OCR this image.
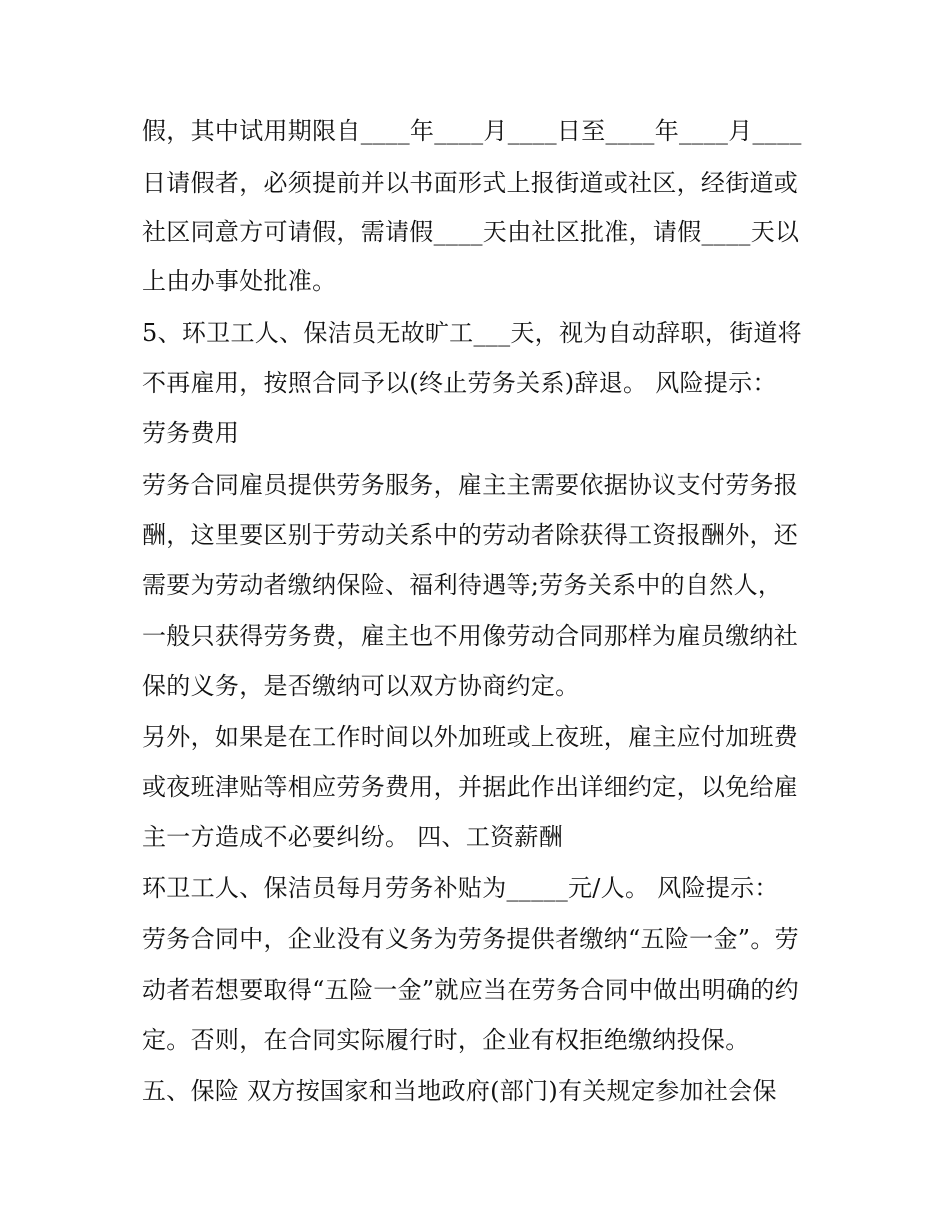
假，其中试用期限自____年____月____日至____年____月____
日请假者，必须提前并以书面形式上报街道或社区，经街道或
社区同意方可请假，需请假____天由社区批准，请假____天以
上由办事处批准。
5、环卫工人、保洁员无故旷工___天，视为自动辞职，街道将
不再雇用，按照合同予以(终止劳务关系)辞退。 风险提示：
劳务费用
劳务合同雇员提供劳务服务，雇主主需要依据协议支付劳务报
酬，这里要区别于劳动关系中的劳动者除获得工资报酬外，还
需要为劳动者缴纳保险、福利待遇等;劳务关系中的自然人，
一般只获得劳务费，雇主也不用像劳动合同那样为雇员缴纳社
保的义务，是否缴纳可以双方协商约定。
另外，如果是在工作时间以外加班或上夜班，雇主应付加班费
或夜班津贴等相应劳务费用，并据此作出详细约定，以免给雇
主一方造成不必要纠纷。 四、工资薪酬
环卫工人、保洁员每月劳务补贴为_____元/人。 风险提示：
劳务合同中，企业没有义务为劳务提供者缴纳“五险一金”。劳
动者若想要取得“五险一金”就应当在劳务合同中做出明确的约
定。否则，在合同实际履行时，企业有权拒绝缴纳投保。
五、保险 双方按国家和当地政府(部门)有关规定参加社会保
